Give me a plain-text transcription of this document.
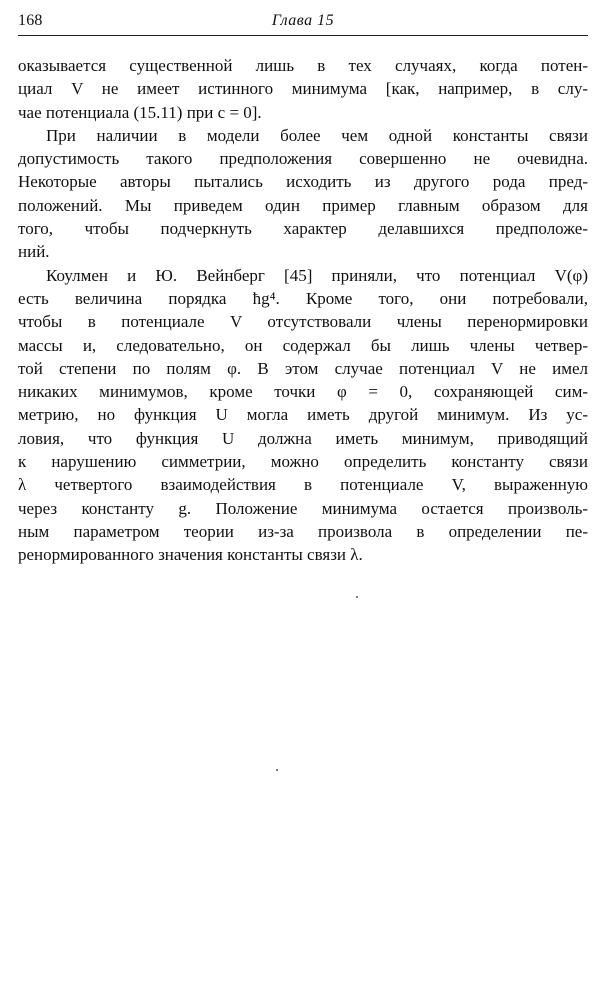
168	Глава 15
оказывается существенной лишь в тех случаях, когда потен-
циал V не имеет истинного минимума [как, например, в слу-
чае потенциала (15.11) при c = 0].
При наличии в модели более чем одной константы связи
допустимость такого предположения совершенно не очевидна.
Некоторые авторы пытались исходить из другого рода пред-
положений. Мы приведем один пример главным образом для
того, чтобы подчеркнуть характер делавшихся предположе-
ний.
Коулмен и Ю. Вейнберг [45] приняли, что потенциал V(φ)
есть величина порядка ħg⁴. Кроме того, они потребовали,
чтобы в потенциале V отсутствовали члены перенормировки
массы и, следовательно, он содержал бы лишь члены четвер-
той степени по полям φ. В этом случае потенциал V не имел
никаких минимумов, кроме точки φ = 0, сохраняющей сим-
метрию, но функция U могла иметь другой минимум. Из ус-
ловия, что функция U должна иметь минимум, приводящий
к нарушению симметрии, можно определить константу связи
λ четвертого взаимодействия в потенциале V, выраженную
через константу g. Положение минимума остается произволь-
ным параметром теории из-за произвола в определении пе-
ренормированного значения константы связи λ.
